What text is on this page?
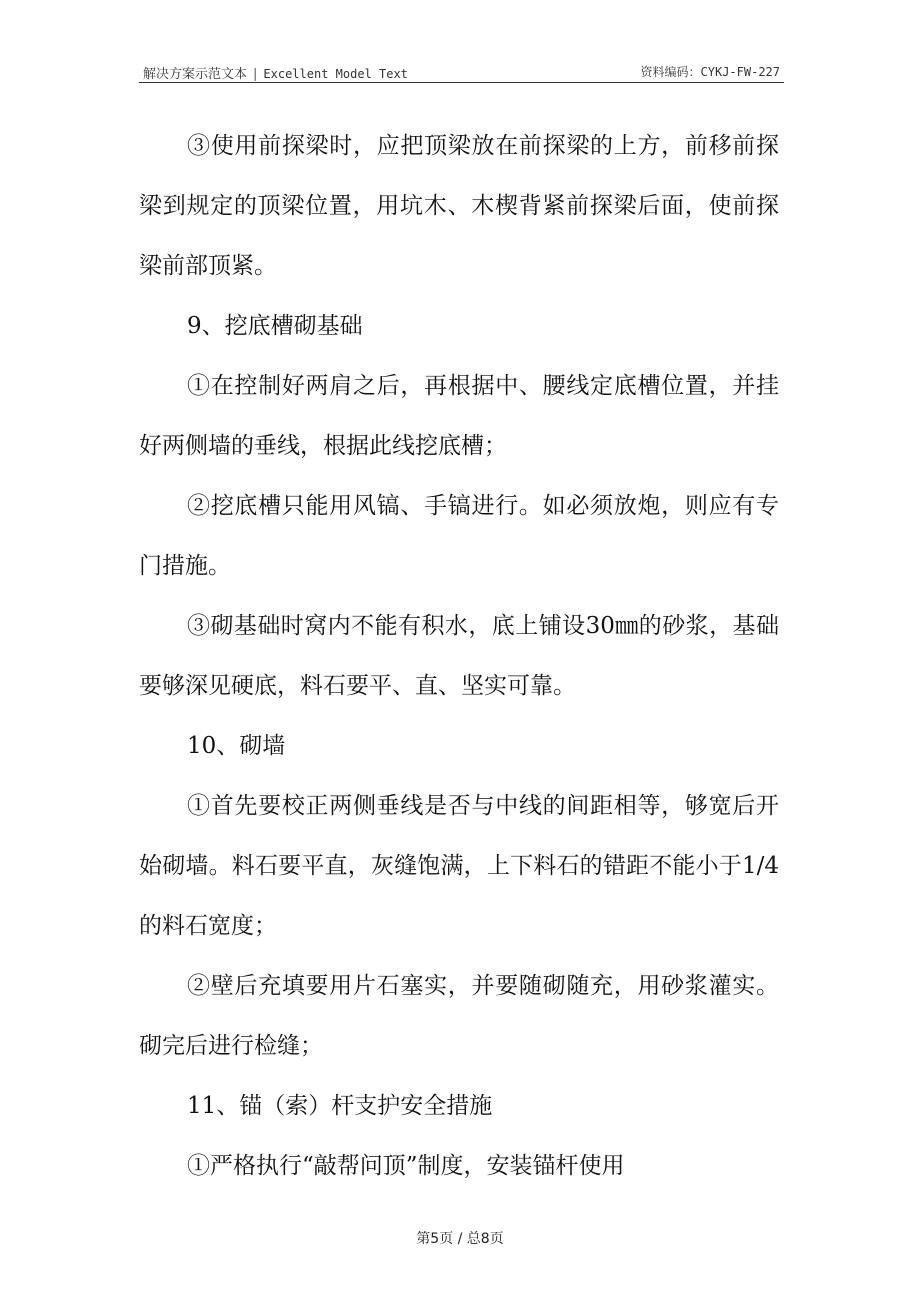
解决方案示范文本 | Excellent Model Text	资料编码：CYKJ-FW-227

③使用前探梁时，应把顶梁放在前探梁的上方，前移前探梁到规定的顶梁位置，用坑木、木楔背紧前探梁后面，使前探梁前部顶紧。

9、挖底槽砌基础

①在控制好两肩之后，再根据中、腰线定底槽位置，并挂好两侧墙的垂线，根据此线挖底槽；

②挖底槽只能用风镐、手镐进行。如必须放炮，则应有专门措施。

③砌基础时窝内不能有积水，底上铺设30㎜的砂浆，基础要够深见硬底，料石要平、直、坚实可靠。

10、砌墙

①首先要校正两侧垂线是否与中线的间距相等，够宽后开始砌墙。料石要平直，灰缝饱满，上下料石的错距不能小于1/4的料石宽度；

②壁后充填要用片石塞实，并要随砌随充，用砂浆灌实。砌完后进行检缝；

11、锚（索）杆支护安全措施

①严格执行“敲帮问顶”制度，安装锚杆使用

第5页 / 总8页
